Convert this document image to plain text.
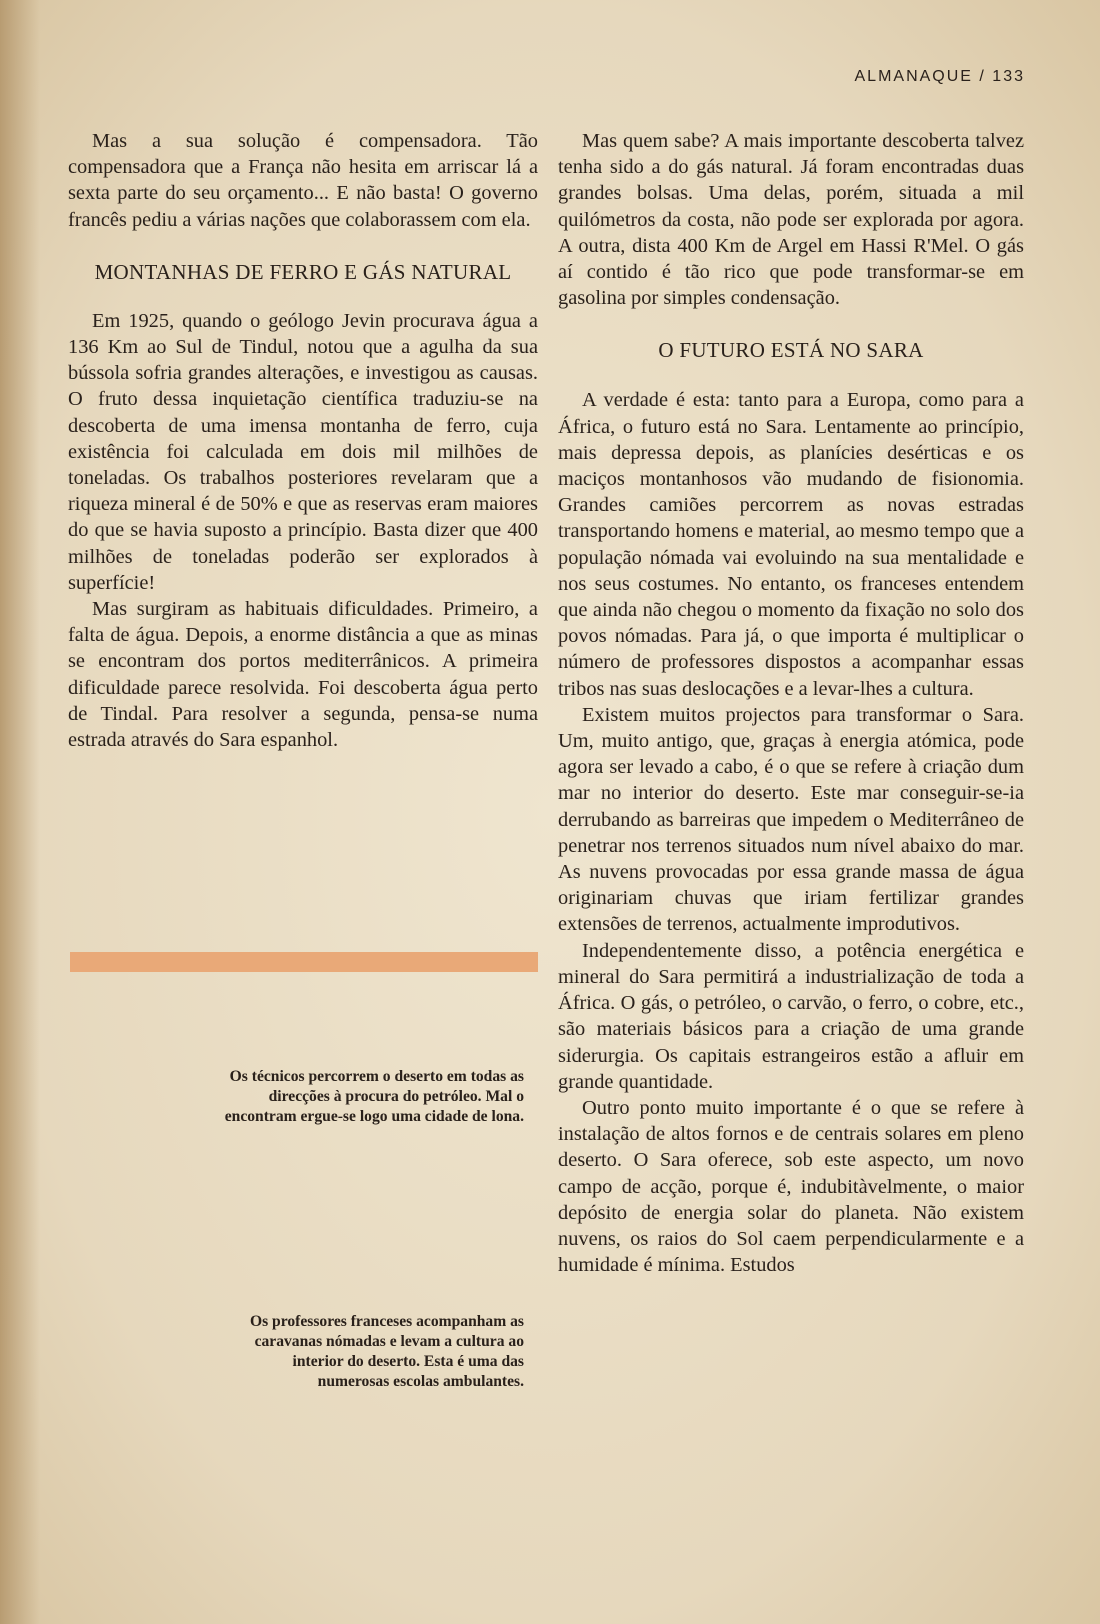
ALMANAQUE / 133

Mas a sua solução é compensadora. Tão compensadora que a França não hesita em arriscar lá a sexta parte do seu orçamento... E não basta! O governo francês pediu a várias nações que colaborassem com ela.

MONTANHAS DE FERRO E GÁS NATURAL

Em 1925, quando o geólogo Jevin procurava água a 136 Km ao Sul de Tindul, notou que a agulha da sua bússola sofria grandes alterações, e investigou as causas. O fruto dessa inquietação científica traduziu-se na descoberta de uma imensa montanha de ferro, cuja existência foi calculada em dois mil milhões de toneladas. Os trabalhos posteriores revelaram que a riqueza mineral é de 50% e que as reservas eram maiores do que se havia suposto a princípio. Basta dizer que 400 milhões de toneladas poderão ser explorados à superfície!

Mas surgiram as habituais dificuldades. Primeiro, a falta de água. Depois, a enorme distância a que as minas se encontram dos portos mediterrânicos. A primeira dificuldade parece resolvida. Foi descoberta água perto de Tindal. Para resolver a segunda, pensa-se numa estrada através do Sara espanhol.

Os técnicos percorrem o deserto em todas as direcções à procura do petróleo. Mal o encontram ergue-se logo uma cidade de lona.
Os professores franceses acompanham as caravanas nómadas e levam a cultura ao interior do deserto. Esta é uma das numerosas escolas ambulantes.

Mas quem sabe? A mais importante descoberta talvez tenha sido a do gás natural. Já foram encontradas duas grandes bolsas. Uma delas, porém, situada a mil quilómetros da costa, não pode ser explorada por agora. A outra, dista 400 Km de Argel em Hassi R'Mel. O gás aí contido é tão rico que pode transformar-se em gasolina por simples condensação.

O FUTURO ESTÁ NO SARA

A verdade é esta: tanto para a Europa, como para a África, o futuro está no Sara. Lentamente ao princípio, mais depressa depois, as planícies desérticas e os maciços montanhosos vão mudando de fisionomia. Grandes camiões percorrem as novas estradas transportando homens e material, ao mesmo tempo que a população nómada vai evoluindo na sua mentalidade e nos seus costumes. No entanto, os franceses entendem que ainda não chegou o momento da fixação no solo dos povos nómadas. Para já, o que importa é multiplicar o número de professores dispostos a acompanhar essas tribos nas suas deslocações e a levar-lhes a cultura.

Existem muitos projectos para transformar o Sara. Um, muito antigo, que, graças à energia atómica, pode agora ser levado a cabo, é o que se refere à criação dum mar no interior do deserto. Este mar conseguir-se-ia derrubando as barreiras que impedem o Mediterrâneo de penetrar nos terrenos situados num nível abaixo do mar. As nuvens provocadas por essa grande massa de água originariam chuvas que iriam fertilizar grandes extensões de terrenos, actualmente improdutivos.

Independentemente disso, a potência energética e mineral do Sara permitirá a industrialização de toda a África. O gás, o petróleo, o carvão, o ferro, o cobre, etc., são materiais básicos para a criação de uma grande siderurgia. Os capitais estrangeiros estão a afluir em grande quantidade.

Outro ponto muito importante é o que se refere à instalação de altos fornos e de centrais solares em pleno deserto. O Sara oferece, sob este aspecto, um novo campo de acção, porque é, indubitàvelmente, o maior depósito de energia solar do planeta. Não existem nuvens, os raios do Sol caem perpendicularmente e a humidade é mínima. Estudos
